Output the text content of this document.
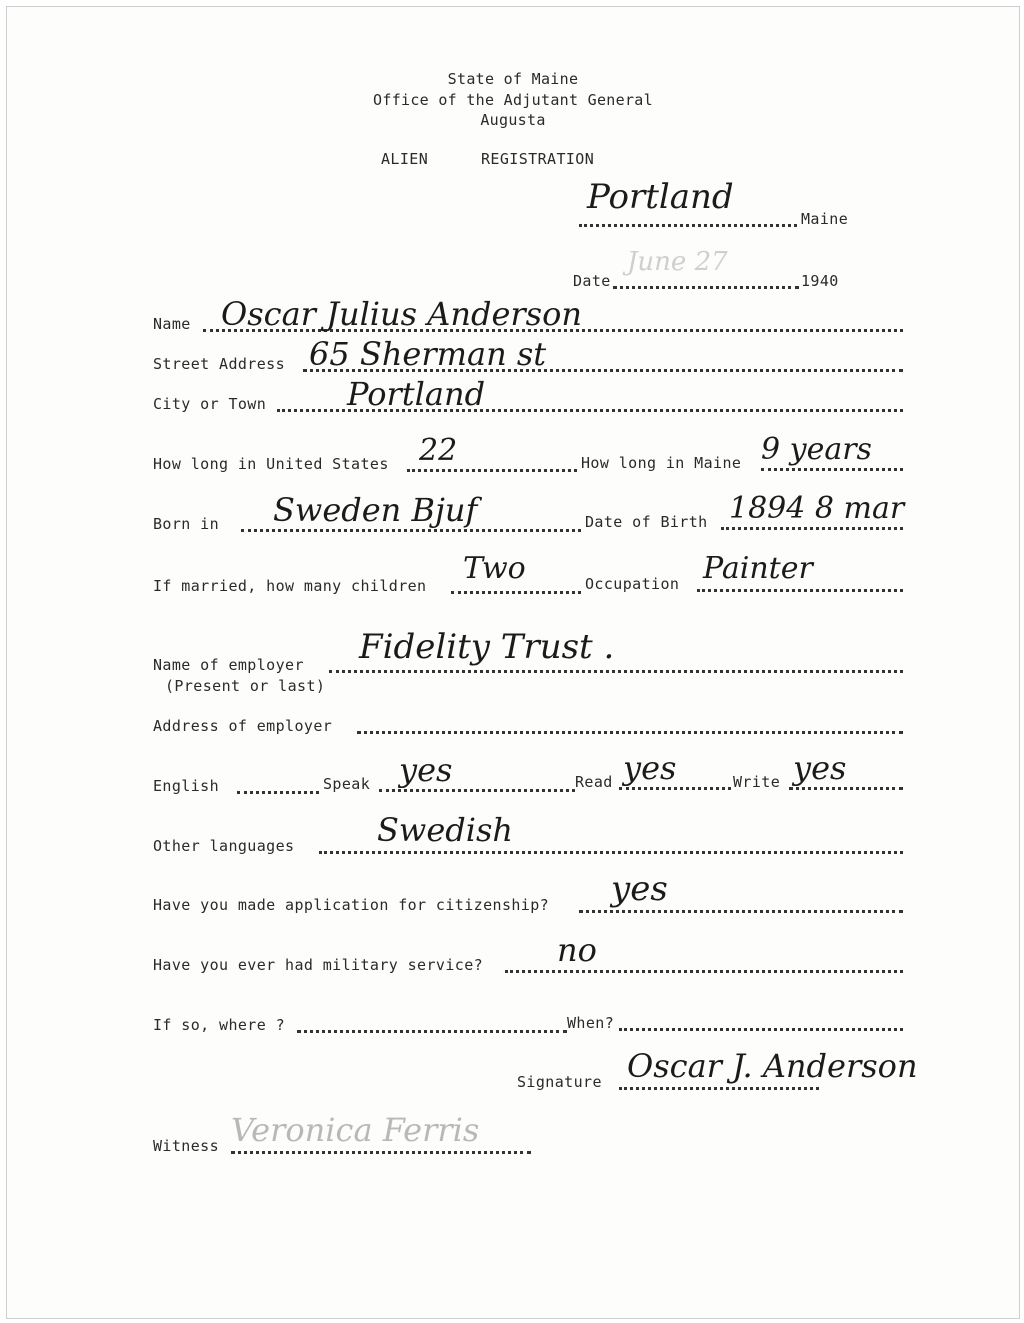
State of Maine
Office of the Adjutant General
Augusta
ALIEN	REGISTRATION
Portland
Maine
Date
June 27
1940
Name Oscar Julius Anderson
Street Address 65 Sherman st
City or Town	Portland
How long in United States 22	How long in Maine 9 years
Born in Sweden Bjuf	Date of Birth 1894 8 mar
If married, how many children Two	Occupation Painter
Name of employer
(Present or last)
Fidelity Trust .
Address of employer
English	Speak yes	Read yes	Write yes
Other languages	Swedish
Have you made application for citizenship? yes
Have you ever had military service? no
If so, where ?	When?
Signature Oscar J. Anderson
Witness Veronica Ferris
